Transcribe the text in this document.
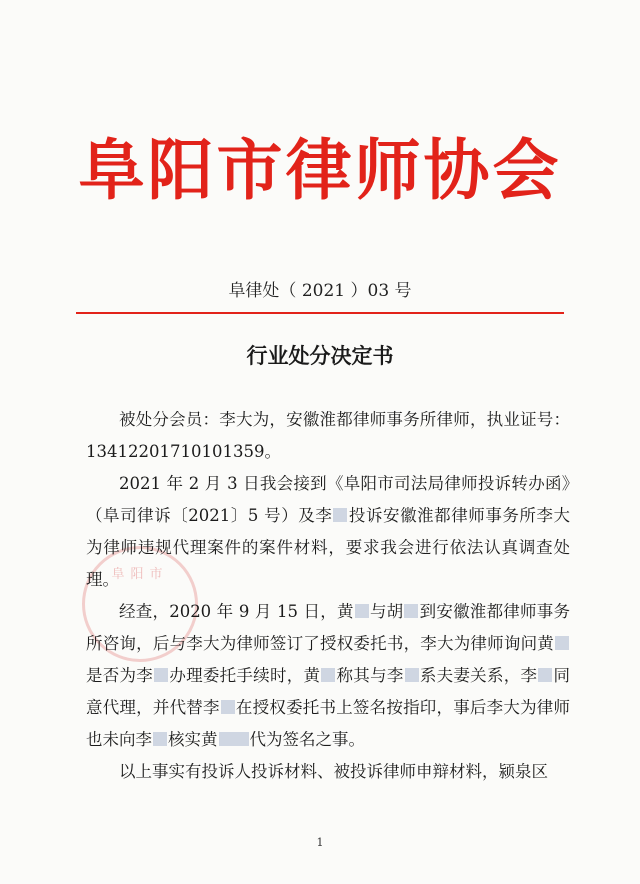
阜阳市律师协会
阜律处（ 2021 ）03 号
行业处分决定书
阜阳市

被处分会员：李大为，安徽淮都律师事务所律师，执业证号：13412201710101359。

2021 年 2 月 3 日我会接到《阜阳市司法局律师投诉转办函》（阜司律诉〔2021〕5 号）及李 投诉安徽淮都律师事务所李大为律师违规代理案件的案件材料，要求我会进行依法认真调查处理。

经查，2020 年 9 月 15 日，黄 与胡 到安徽淮都律师事务所咨询，后与李大为律师签订了授权委托书，李大为律师询问黄是否为李 办理委托手续时，黄 称其与李 系夫妻关系，李 同意代理，并代替李 在授权委托书上签名按指印，事后李大为律师也未向李 核实黄 代为签名之事。

以上事实有投诉人投诉材料、被投诉律师申辩材料，颍泉区

1
